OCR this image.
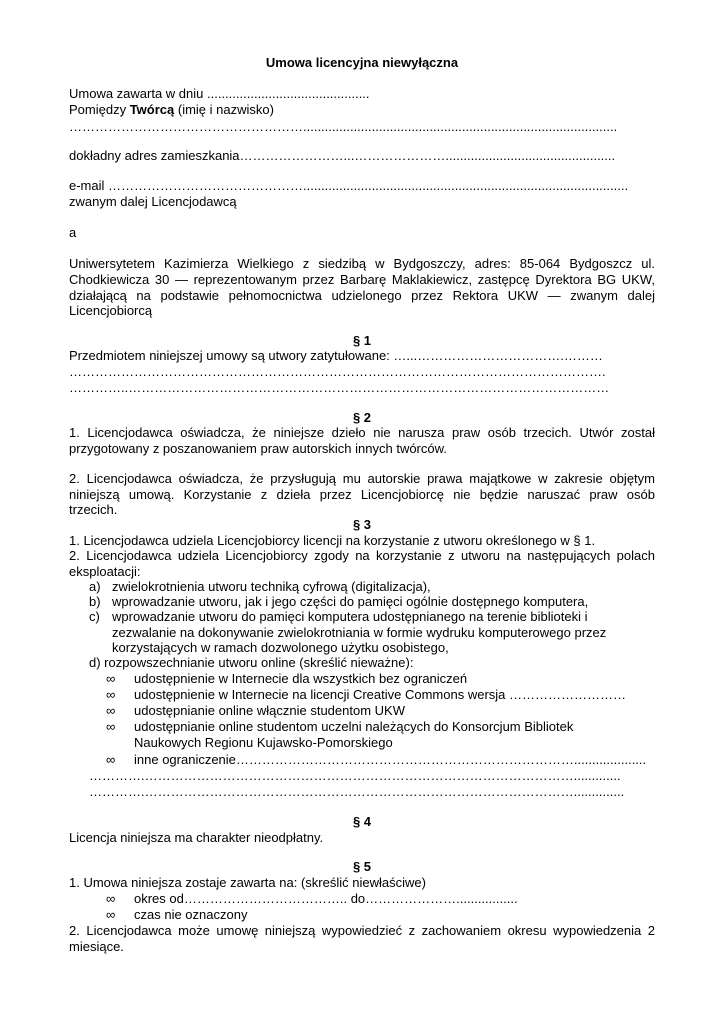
Umowa licencyjna niewyłączna
Umowa zawarta w dniu .............................................
Pomiędzy Twórcą (imię i nazwisko)
……………………………………………….......................................................................................
dokładny adres zamieszkania……………………...…………………...............................................
e-mail ………………………………………..........................................................................................
zwanym dalej Licencjodawcą
a
Uniwersytetem Kazimierza Wielkiego z siedzibą w Bydgoszczy, adres: 85-064 Bydgoszcz ul.
Chodkiewicza 30 — reprezentowanym przez Barbarę Maklakiewicz, zastępcę Dyrektora BG UKW,
działającą na podstawie pełnomocnictwa udzielonego przez Rektora UKW — zwanym dalej
Licencjobiorcą
§ 1
Przedmiotem niniejszej umowy są utwory zatytułowane: …...…………………………….………
…………………………………………………………………………………………………………….
…………..…………………………………………………………………………………………………
§ 2
1. Licencjodawca oświadcza, że niniejsze dzieło nie narusza praw osób trzecich. Utwór został
przygotowany z poszanowaniem praw autorskich innych twórców.
2. Licencjodawca oświadcza, że przysługują mu autorskie prawa majątkowe w zakresie objętym
niniejszą umową. Korzystanie z dzieła przez Licencjobiorcę nie będzie naruszać praw osób
trzecich.
§ 3
1. Licencjodawca udziela Licencjobiorcy licencji na korzystanie z utworu określonego w § 1.
2. Licencjodawca udziela Licencjobiorcy zgody na korzystanie z utworu na następujących polach
eksploatacji:
a) zwielokrotnienia utworu techniką cyfrową (digitalizacja),
b) wprowadzanie utworu, jak i jego części do pamięci ogólnie dostępnego komputera,
c) wprowadzanie utworu do pamięci komputera udostępnianego na terenie biblioteki i
zezwalanie na dokonywanie zwielokrotniania w formie wydruku komputerowego przez
korzystających w ramach dozwolonego użytku osobistego,
d) rozpowszechnianie utworu online (skreślić nieważne):
∞ udostępnienie w Internecie dla wszystkich bez ograniczeń
∞ udostępnienie w Internecie na licencji Creative Commons wersja ………………………
∞ udostępnianie online włącznie studentom UKW
∞ udostępnianie online studentom uczelni należących do Konsorcjum Bibliotek
Naukowych Regionu Kujawsko-Pomorskiego
∞ inne ograniczenie……………………………………………………………………....................
………….……………………………………………………………………………………….............
………….………………………………………………………………………………………..............
§ 4
Licencja niniejsza ma charakter nieodpłatny.
§ 5
1. Umowa niniejsza zostaje zawarta na: (skreślić niewłaściwe)
∞ okres od……………………………….. do………………….................
∞ czas nie oznaczony
2. Licencjodawca może umowę niniejszą wypowiedzieć z zachowaniem okresu wypowiedzenia 2
miesiące.
